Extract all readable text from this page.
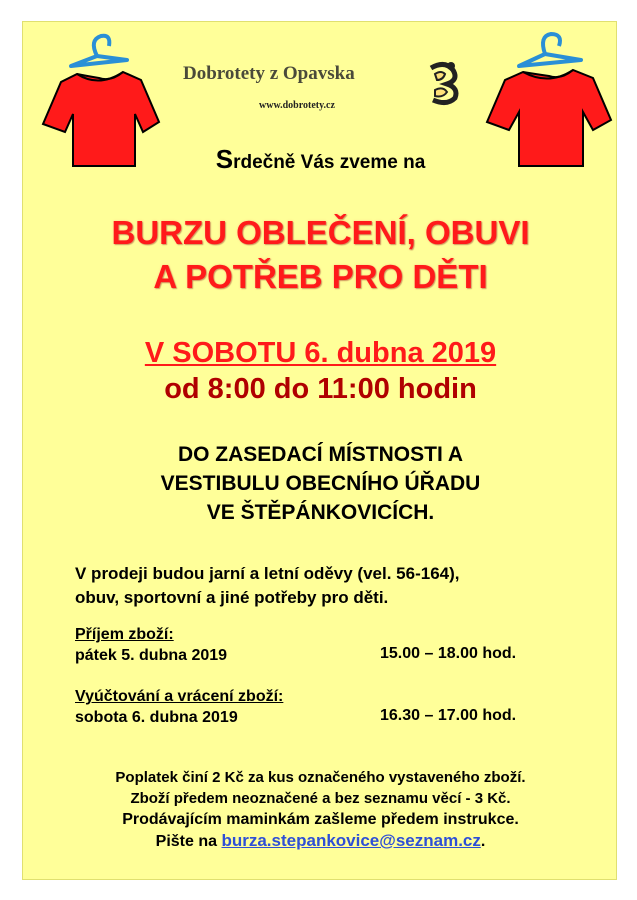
Dobrotety z Opavska
www.dobrotety.cz
Srdečně Vás zveme na
BURZU OBLEČENÍ, OBUVI
A POTŘEB PRO DĚTI
V SOBOTU 6. dubna 2019
od 8:00 do 11:00 hodin
DO ZASEDACÍ MÍSTNOSTI A
VESTIBULU OBECNÍHO ÚŘADU
VE ŠTĚPÁNKOVICÍCH.
V prodeji budou jarní a letní oděvy (vel. 56-164),
obuv, sportovní a jiné potřeby pro děti.
Příjem zboží:
pátek 5. dubna 2019	15.00 – 18.00 hod.
Vyúčtování a vrácení zboží:
sobota 6. dubna 2019	16.30 – 17.00 hod.
Poplatek činí 2 Kč za kus označeného vystaveného zboží.
Zboží předem neoznačené a bez seznamu věcí - 3 Kč.
Prodávajícím maminkám zašleme předem instrukce.
Pište na burza.stepankovice@seznam.cz.
